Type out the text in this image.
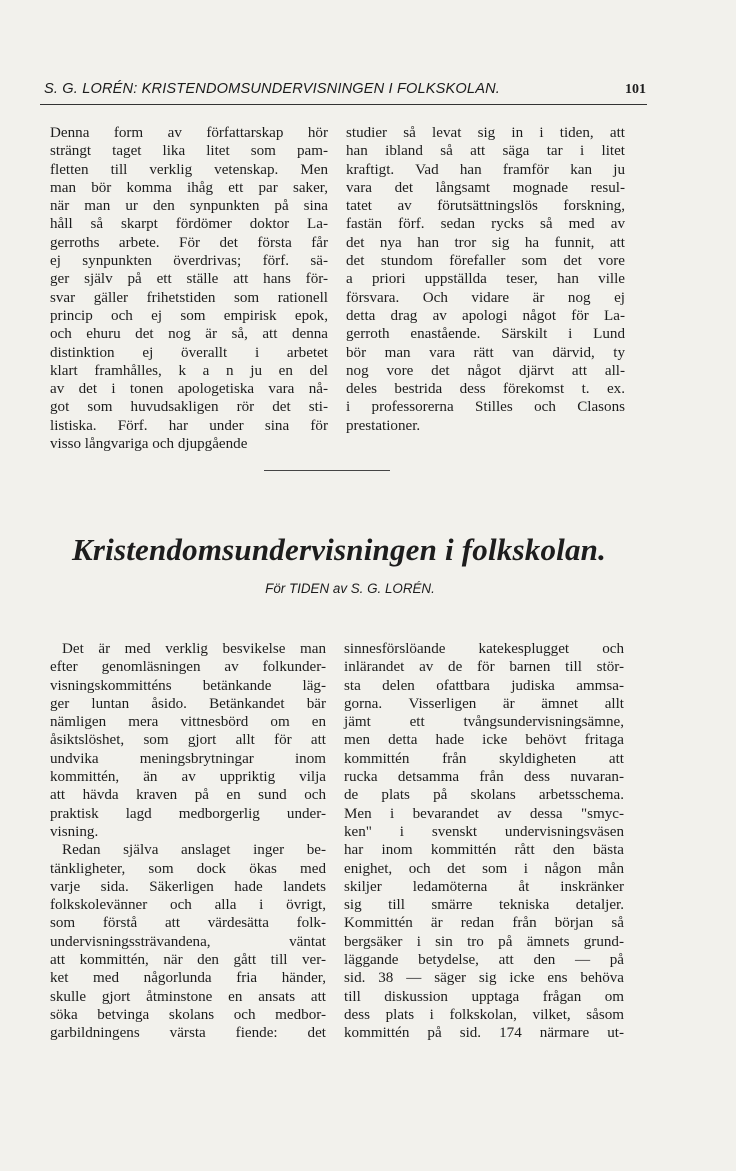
S. G. LORÉN: KRISTENDOMSUNDERVISNINGEN I FOLKSKOLAN.	101
Denna form av författarskap hör
strängt taget lika litet som pam-
fletten till verklig vetenskap. Men
man bör komma ihåg ett par saker,
när man ur den synpunkten på sina
håll så skarpt fördömer doktor La-
gerroths arbete. För det första får
ej synpunkten överdrivas; förf. sä-
ger själv på ett ställe att hans för-
svar gäller frihetstiden som rationell
princip och ej som empirisk epok,
och ehuru det nog är så, att denna
distinktion ej överallt i arbetet
klart framhålles, k a n ju en del
av det i tonen apologetiska vara nå-
got som huvudsakligen rör det sti-
listiska. Förf. har under sina för
visso långvariga och djupgående
studier så levat sig in i tiden, att
han ibland så att säga tar i litet
kraftigt. Vad han framför kan ju
vara det långsamt mognade resul-
tatet av förutsättningslös forskning,
fastän förf. sedan rycks så med av
det nya han tror sig ha funnit, att
det stundom förefaller som det vore
a priori uppställda teser, han ville
försvara. Och vidare är nog ej
detta drag av apologi något för La-
gerroth enastående. Särskilt i Lund
bör man vara rätt van därvid, ty
nog vore det något djärvt att all-
deles bestrida dess förekomst t. ex.
i professorerna Stilles och Clasons
prestationer.
Kristendomsundervisningen i folkskolan.
För TIDEN av S. G. LORÉN.
Det är med verklig besvikelse man
efter genomläsningen av folkunder-
visningskommitténs betänkande läg-
ger luntan åsido. Betänkandet bär
nämligen mera vittnesbörd om en
åsiktslöshet, som gjort allt för att
undvika meningsbrytningar inom
kommittén, än av uppriktig vilja
att hävda kraven på en sund och
praktisk lagd medborgerlig under-
visning.
Redan själva anslaget inger be-
tänkligheter, som dock ökas med
varje sida. Säkerligen hade landets
folkskolevänner och alla i övrigt,
som förstå att värdesätta folk-
undervisningssträvandena, väntat
att kommittén, när den gått till ver-
ket med någorlunda fria händer,
skulle gjort åtminstone en ansats att
söka betvinga skolans och medbor-
garbildningens värsta fiende: det
sinnesförslöande katekesplugget och
inlärandet av de för barnen till stör-
sta delen ofattbara judiska ammsa-
gorna. Visserligen är ämnet allt
jämt ett tvångsundervisningsämne,
men detta hade icke behövt fritaga
kommittén från skyldigheten att
rucka detsamma från dess nuvaran-
de plats på skolans arbetsschema.
Men i bevarandet av dessa "smyc-
ken" i svenskt undervisningsväsen
har inom kommittén rått den bästa
enighet, och det som i någon mån
skiljer ledamöterna åt inskränker
sig till smärre tekniska detaljer.
Kommittén är redan från början så
bergsäker i sin tro på ämnets grund-
läggande betydelse, att den — på
sid. 38 — säger sig icke ens behöva
till diskussion upptaga frågan om
dess plats i folkskolan, vilket, såsom
kommittén på sid. 174 närmare ut-
